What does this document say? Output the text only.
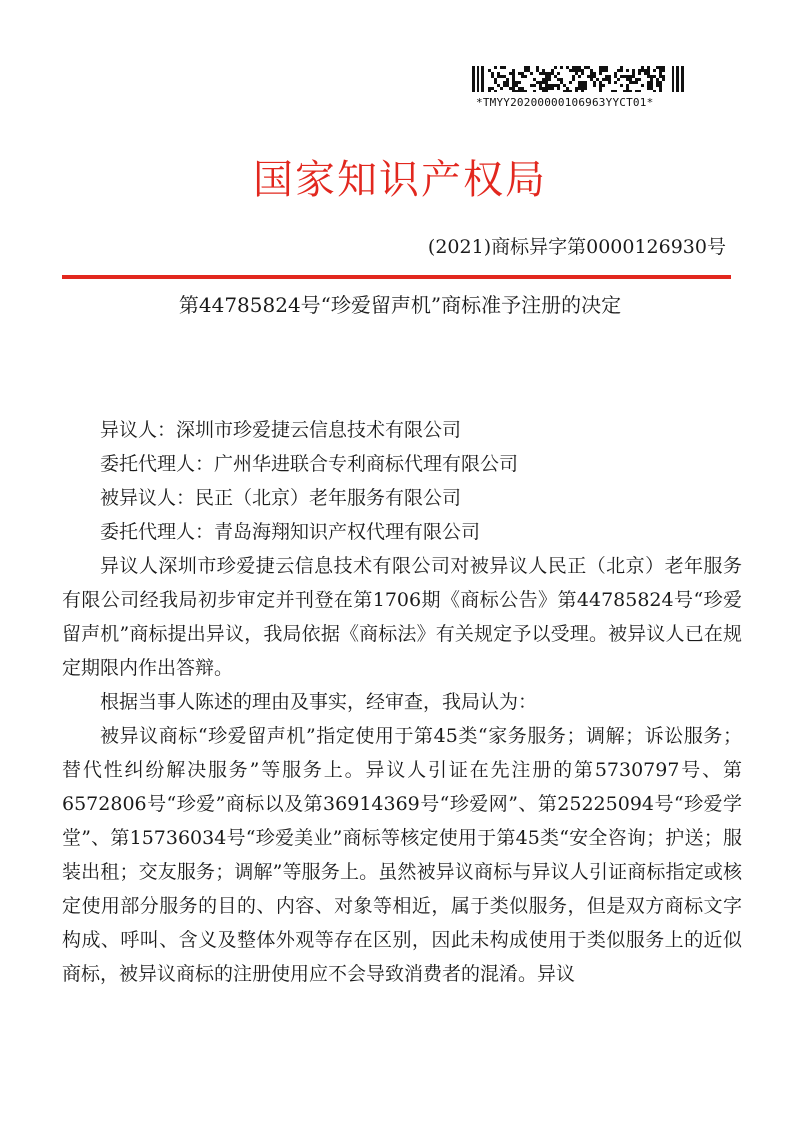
*TMYY20200000106963YYCT01*
国家知识产权局
(2021)商标异字第0000126930号
第44785824号“珍爱留声机”商标准予注册的决定

异议人：深圳市珍爱捷云信息技术有限公司

委托代理人：广州华进联合专利商标代理有限公司

被异议人：民正（北京）老年服务有限公司

委托代理人：青岛海翔知识产权代理有限公司

异议人深圳市珍爱捷云信息技术有限公司对被异议人民正（北京）老年服务有限公司经我局初步审定并刊登在第1706期《商标公告》第44785824号“珍爱留声机”商标提出异议，我局依据《商标法》有关规定予以受理。被异议人已在规定期限内作出答辩。

根据当事人陈述的理由及事实，经审查，我局认为：

被异议商标“珍爱留声机”指定使用于第45类“家务服务；调解；诉讼服务；替代性纠纷解决服务”等服务上。异议人引证在先注册的第5730797号、第6572806号“珍爱”商标以及第36914369号“珍爱网”、第25225094号“珍爱学堂”、第15736034号“珍爱美业”商标等核定使用于第45类“安全咨询；护送；服装出租；交友服务；调解”等服务上。虽然被异议商标与异议人引证商标指定或核定使用部分服务的目的、内容、对象等相近，属于类似服务，但是双方商标文字构成、呼叫、含义及整体外观等存在区别，因此未构成使用于类似服务上的近似商标，被异议商标的注册使用应不会导致消费者的混淆。异议
